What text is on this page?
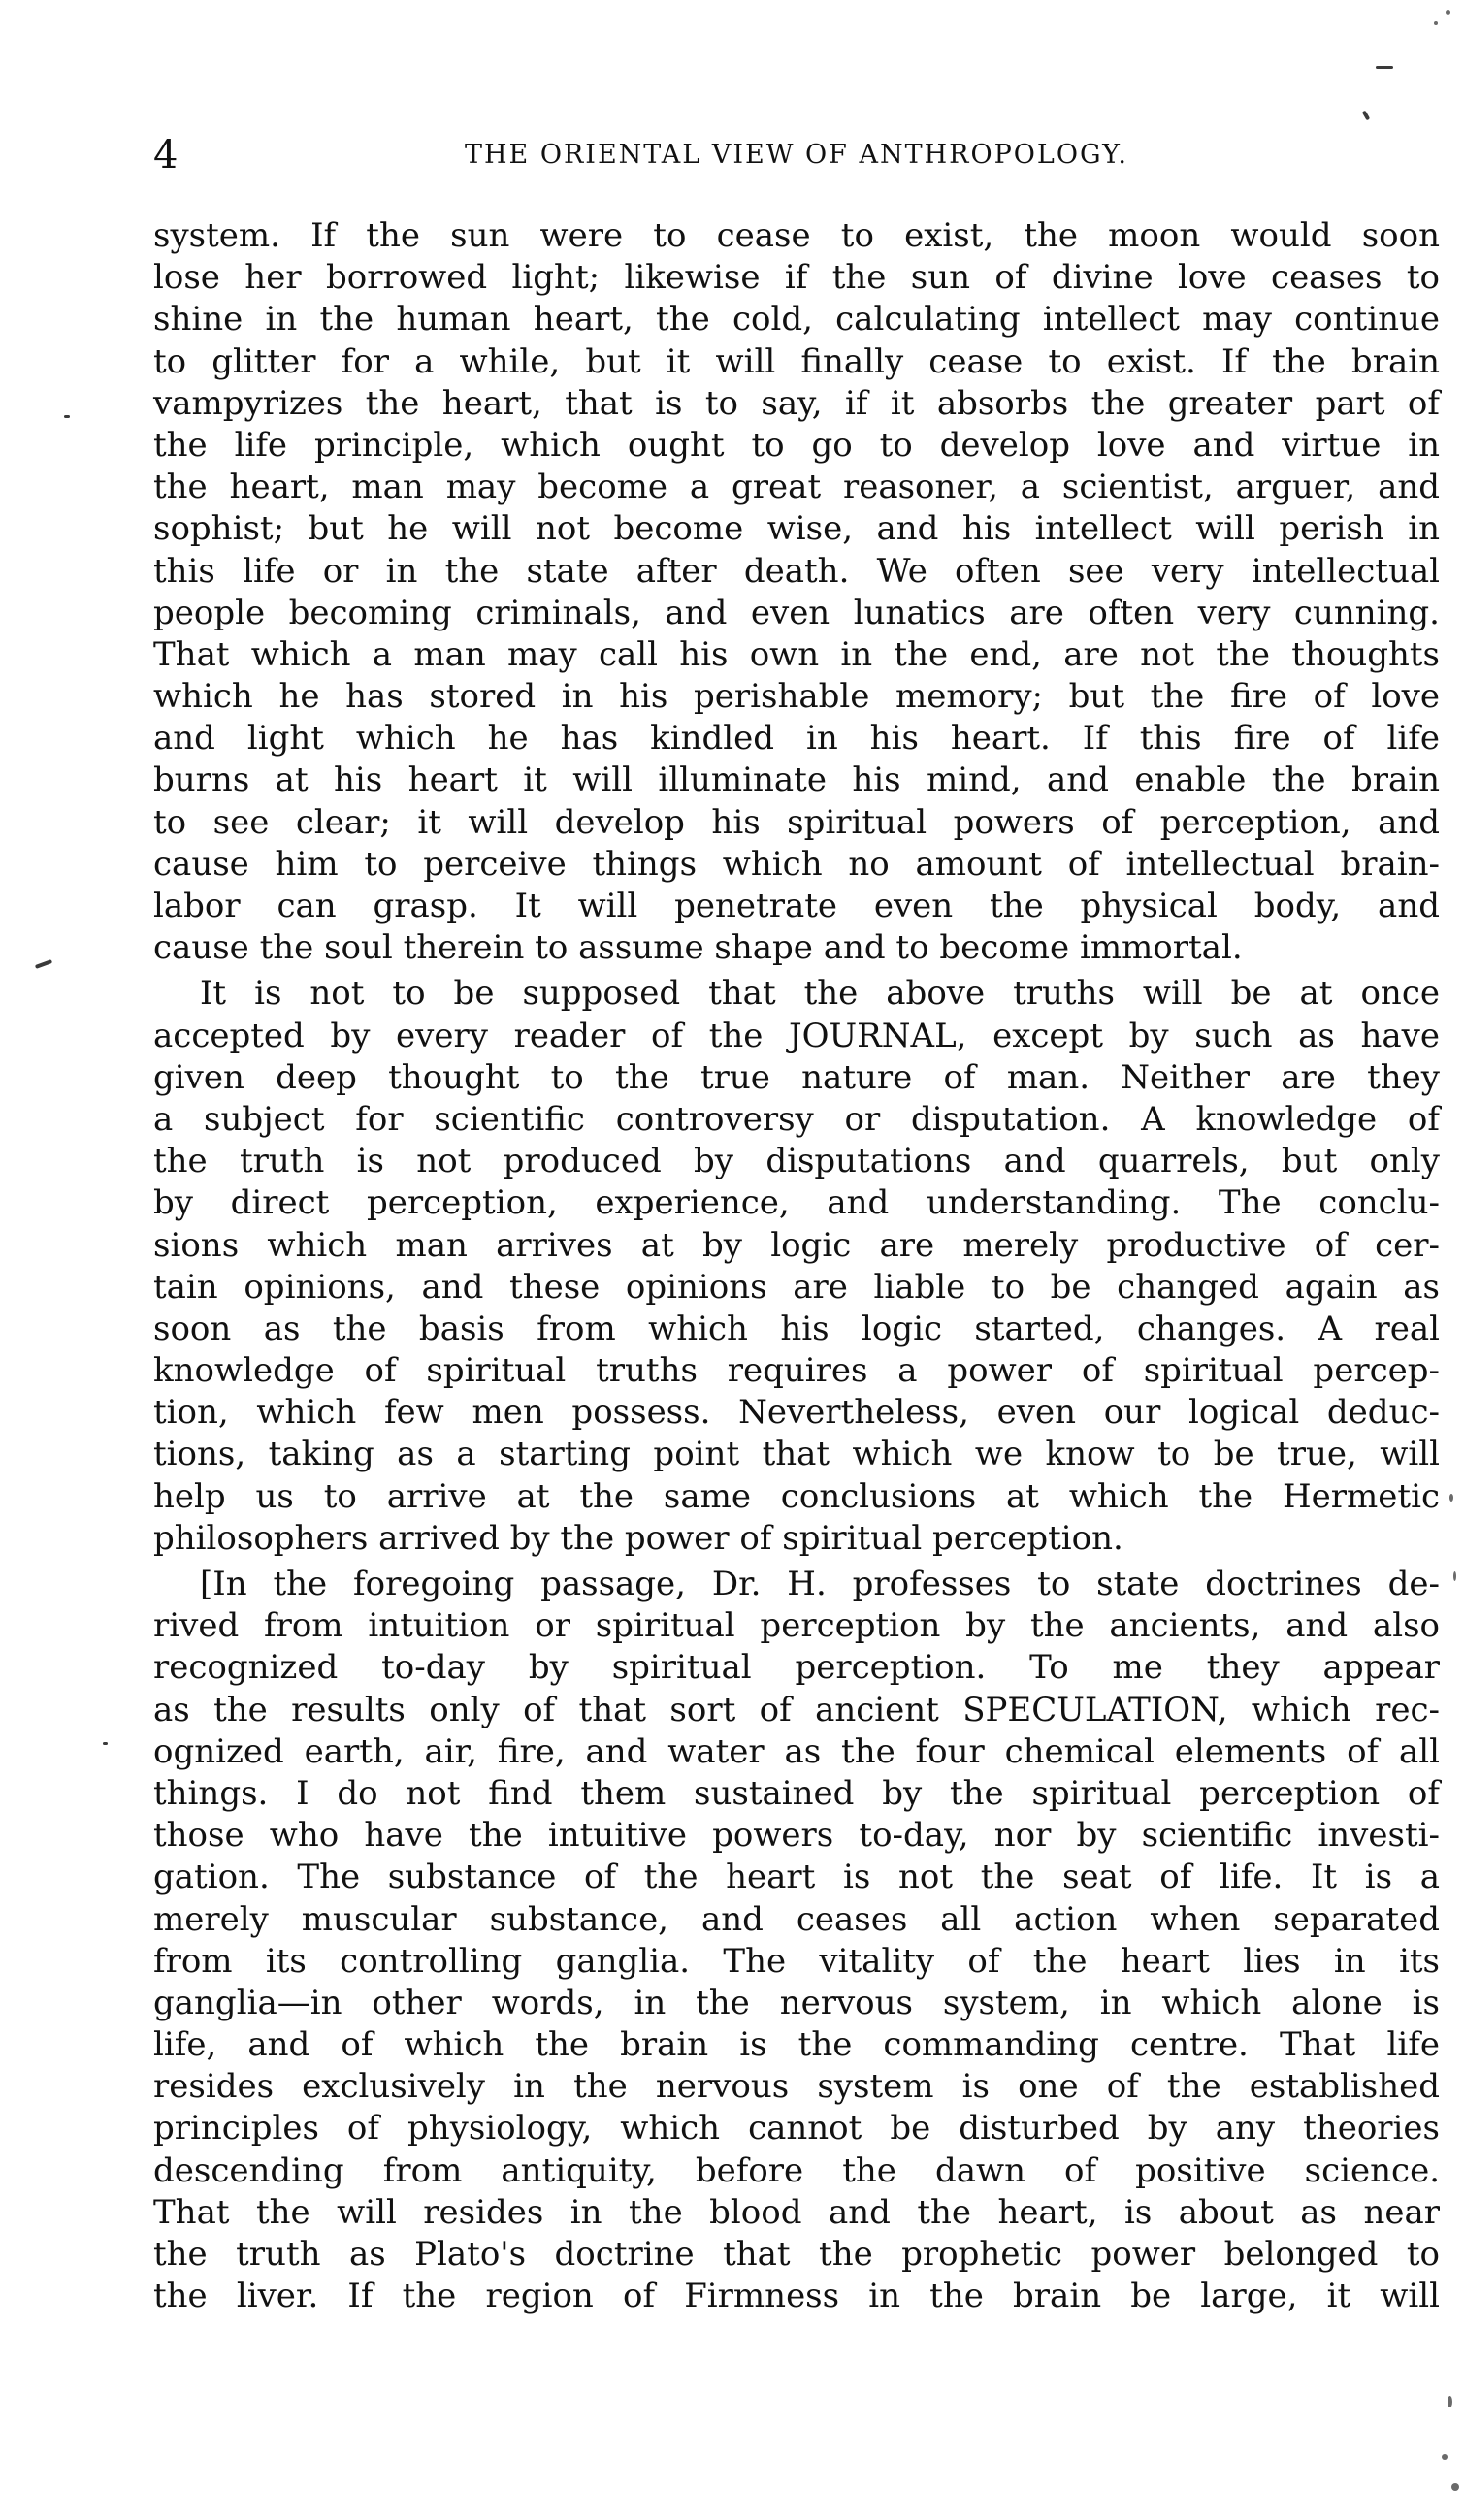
4	THE ORIENTAL VIEW OF ANTHROPOLOGY.
system. If the sun were to cease to exist, the moon would soon
lose her borrowed light; likewise if the sun of divine love ceases to
shine in the human heart, the cold, calculating intellect may continue
to glitter for a while, but it will finally cease to exist. If the brain
vampyrizes the heart, that is to say, if it absorbs the greater part of
the life principle, which ought to go to develop love and virtue in
the heart, man may become a great reasoner, a scientist, arguer, and
sophist; but he will not become wise, and his intellect will perish in
this life or in the state after death. We often see very intellectual
people becoming criminals, and even lunatics are often very cunning.
That which a man may call his own in the end, are not the thoughts
which he has stored in his perishable memory; but the fire of love
and light which he has kindled in his heart. If this fire of life
burns at his heart it will illuminate his mind, and enable the brain
to see clear; it will develop his spiritual powers of perception, and
cause him to perceive things which no amount of intellectual brain-
labor can grasp. It will penetrate even the physical body, and
cause the soul therein to assume shape and to become immortal.
It is not to be supposed that the above truths will be at once
accepted by every reader of the JOURNAL, except by such as have
given deep thought to the true nature of man. Neither are they
a subject for scientific controversy or disputation. A knowledge of
the truth is not produced by disputations and quarrels, but only
by direct perception, experience, and understanding. The conclu-
sions which man arrives at by logic are merely productive of cer-
tain opinions, and these opinions are liable to be changed again as
soon as the basis from which his logic started, changes. A real
knowledge of spiritual truths requires a power of spiritual percep-
tion, which few men possess. Nevertheless, even our logical deduc-
tions, taking as a starting point that which we know to be true, will
help us to arrive at the same conclusions at which the Hermetic
philosophers arrived by the power of spiritual perception.
[In the foregoing passage, Dr. H. professes to state doctrines de-
rived from intuition or spiritual perception by the ancients, and also
recognized to-day by spiritual perception. To me they appear
as the results only of that sort of ancient SPECULATION, which rec-
ognized earth, air, fire, and water as the four chemical elements of all
things. I do not find them sustained by the spiritual perception of
those who have the intuitive powers to-day, nor by scientific investi-
gation. The substance of the heart is not the seat of life. It is a
merely muscular substance, and ceases all action when separated
from its controlling ganglia. The vitality of the heart lies in its
ganglia—in other words, in the nervous system, in which alone is
life, and of which the brain is the commanding centre. That life
resides exclusively in the nervous system is one of the established
principles of physiology, which cannot be disturbed by any theories
descending from antiquity, before the dawn of positive science.
That the will resides in the blood and the heart, is about as near
the truth as Plato's doctrine that the prophetic power belonged to
the liver. If the region of Firmness in the brain be large, it will
